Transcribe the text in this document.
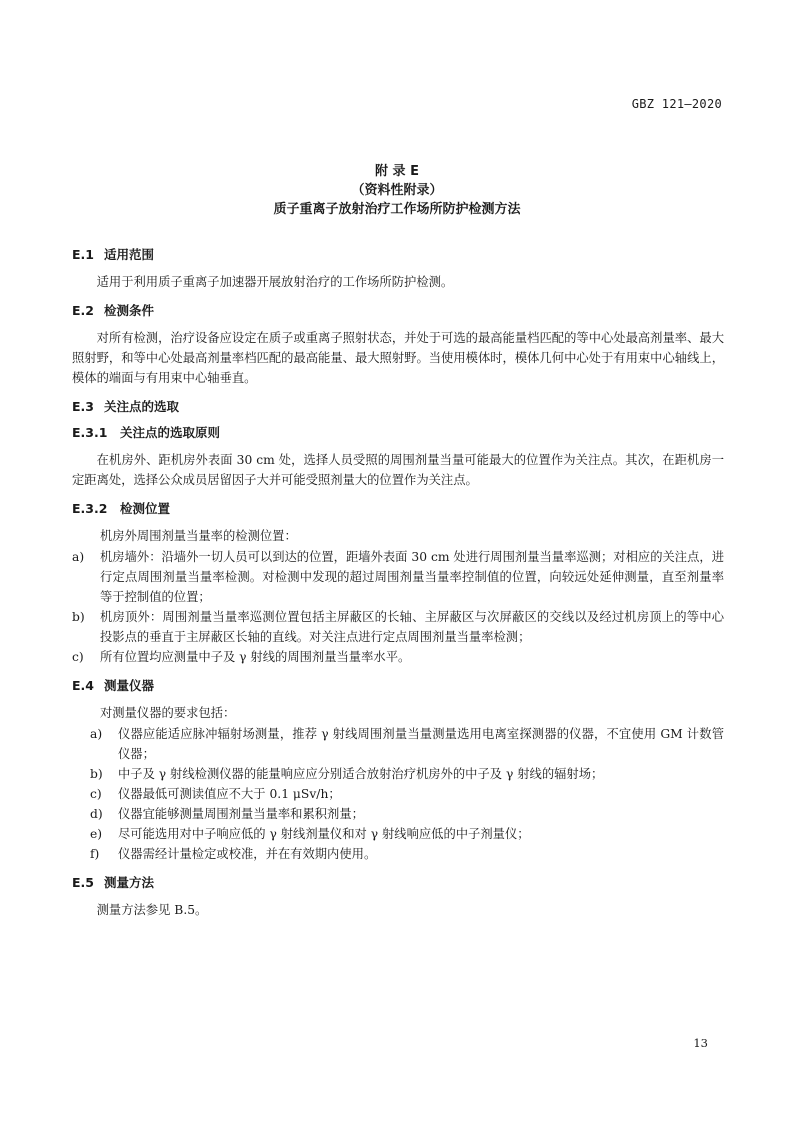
GBZ 121—2020
附 录 E
（资料性附录）
质子重离子放射治疗工作场所防护检测方法
E.1 适用范围

适用于利用质子重离子加速器开展放射治疗的工作场所防护检测。

E.2 检测条件

对所有检测，治疗设备应设定在质子或重离子照射状态，并处于可选的最高能量档匹配的等中心处最高剂量率、最大照射野，和等中心处最高剂量率档匹配的最高能量、最大照射野。当使用模体时，模体几何中心处于有用束中心轴线上，模体的端面与有用束中心轴垂直。

E.3 关注点的选取
E.3.1 关注点的选取原则

在机房外、距机房外表面 30 cm 处，选择人员受照的周围剂量当量可能最大的位置作为关注点。其次，在距机房一定距离处，选择公众成员居留因子大并可能受照剂量大的位置作为关注点。

E.3.2 检测位置
机房外周围剂量当量率的检测位置：
a)	机房墙外：沿墙外一切人员可以到达的位置，距墙外表面 30 cm 处进行周围剂量当量率巡测；对相应的关注点，进行定点周围剂量当量率检测。对检测中发现的超过周围剂量当量率控制值的位置，向较远处延伸测量，直至剂量率等于控制值的位置；
b)	机房顶外：周围剂量当量率巡测位置包括主屏蔽区的长轴、主屏蔽区与次屏蔽区的交线以及经过机房顶上的等中心投影点的垂直于主屏蔽区长轴的直线。对关注点进行定点周围剂量当量率检测；
c)	所有位置均应测量中子及 γ 射线的周围剂量当量率水平。
E.4 测量仪器
对测量仪器的要求包括：
a)	仪器应能适应脉冲辐射场测量，推荐 γ 射线周围剂量当量测量选用电离室探测器的仪器，不宜使用 GM 计数管仪器；
b)	中子及 γ 射线检测仪器的能量响应应分别适合放射治疗机房外的中子及 γ 射线的辐射场；
c)	仪器最低可测读值应不大于 0.1 μSv/h；
d)	仪器宜能够测量周围剂量当量率和累积剂量；
e)	尽可能选用对中子响应低的 γ 射线剂量仪和对 γ 射线响应低的中子剂量仪；
f)	仪器需经计量检定或校准，并在有效期内使用。
E.5 测量方法

测量方法参见 B.5。

13
